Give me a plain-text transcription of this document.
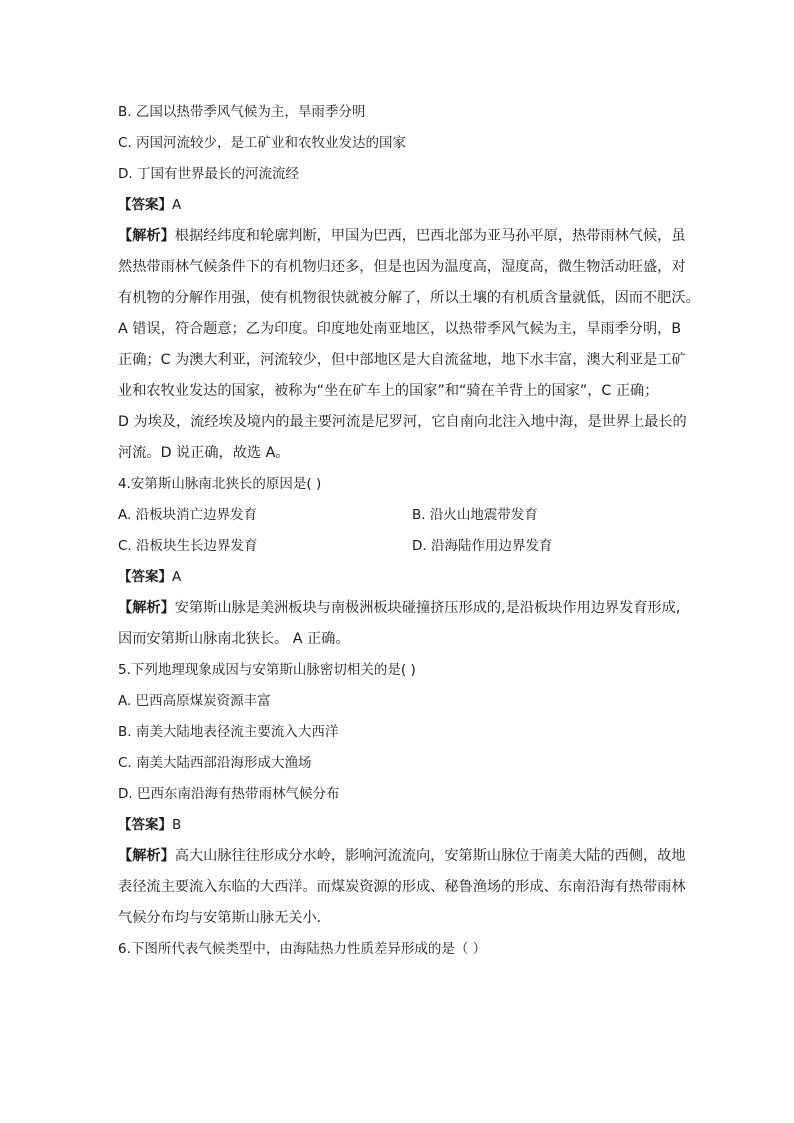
B. 乙国以热带季风气候为主，旱雨季分明
C. 丙国河流较少，是工矿业和农牧业发达的国家
D. 丁国有世界最长的河流流经
【答案】A
【解析】根据经纬度和轮廓判断，甲国为巴西，巴西北部为亚马孙平原，热带雨林气候，虽
然热带雨林气候条件下的有机物归还多，但是也因为温度高，湿度高，微生物活动旺盛，对
有机物的分解作用强，使有机物很快就被分解了，所以土壤的有机质含量就低，因而不肥沃。
A 错误，符合题意；乙为印度。印度地处南亚地区，以热带季风气候为主，旱雨季分明，B
正确；C 为澳大利亚，河流较少，但中部地区是大自流盆地，地下水丰富，澳大利亚是工矿
业和农牧业发达的国家，被称为“坐在矿车上的国家”和“骑在羊背上的国家”，C 正确；
D 为埃及，流经埃及境内的最主要河流是尼罗河，它自南向北注入地中海，是世界上最长的
河流。D 说正确，故选 A。
4.安第斯山脉南北狭长的原因是( )
A. 沿板块消亡边界发育	B. 沿火山地震带发育
C. 沿板块生长边界发育	D. 沿海陆作用边界发育
【答案】A
【解析】安第斯山脉是美洲板块与南极洲板块碰撞挤压形成的,是沿板块作用边界发育形成,
因而安第斯山脉南北狭长。 A 正确。
5.下列地理现象成因与安第斯山脉密切相关的是( )
A. 巴西高原煤炭资源丰富
B. 南美大陆地表径流主要流入大西洋
C. 南美大陆西部沿海形成大渔场
D. 巴西东南沿海有热带雨林气候分布
【答案】B
【解析】高大山脉往往形成分水岭，影响河流流向，安第斯山脉位于南美大陆的西侧，故地
表径流主要流入东临的大西洋。而煤炭资源的形成、秘鲁渔场的形成、东南沿海有热带雨林
气候分布均与安第斯山脉无关小.
6.下图所代表气候类型中，由海陆热力性质差异形成的是（ ）
